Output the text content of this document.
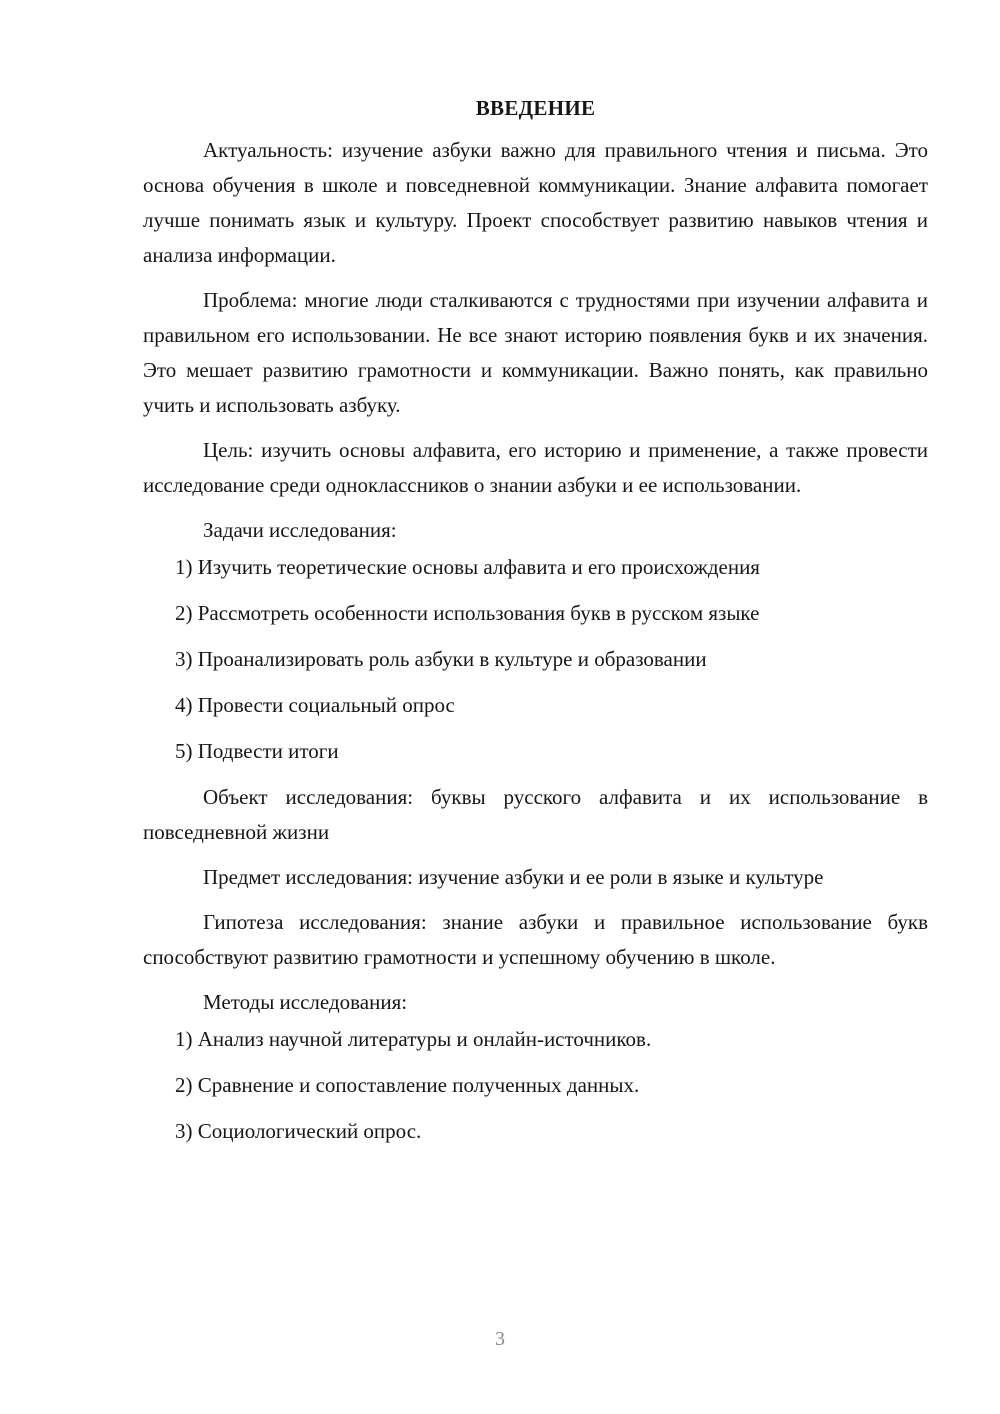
ВВЕДЕНИЕ

Актуальность: изучение азбуки важно для правильного чтения и письма. Это основа обучения в школе и повседневной коммуникации. Знание алфавита помогает лучше понимать язык и культуру. Проект способствует развитию навыков чтения и анализа информации.

Проблема: многие люди сталкиваются с трудностями при изучении алфавита и правильном его использовании. Не все знают историю появления букв и их значения. Это мешает развитию грамотности и коммуникации. Важно понять, как правильно учить и использовать азбуку.

Цель: изучить основы алфавита, его историю и применение, а также провести исследование среди одноклассников о знании азбуки и ее использовании.

Задачи исследования:

1) Изучить теоретические основы алфавита и его происхождения
2) Рассмотреть особенности использования букв в русском языке
3) Проанализировать роль азбуки в культуре и образовании
4) Провести социальный опрос
5) Подвести итоги

Объект исследования: буквы русского алфавита и их использование в повседневной жизни

Предмет исследования: изучение азбуки и ее роли в языке и культуре

Гипотеза исследования: знание азбуки и правильное использование букв способствуют развитию грамотности и успешному обучению в школе.

Методы исследования:

1) Анализ научной литературы и онлайн-источников.
2) Сравнение и сопоставление полученных данных.
3) Социологический опрос.
3
